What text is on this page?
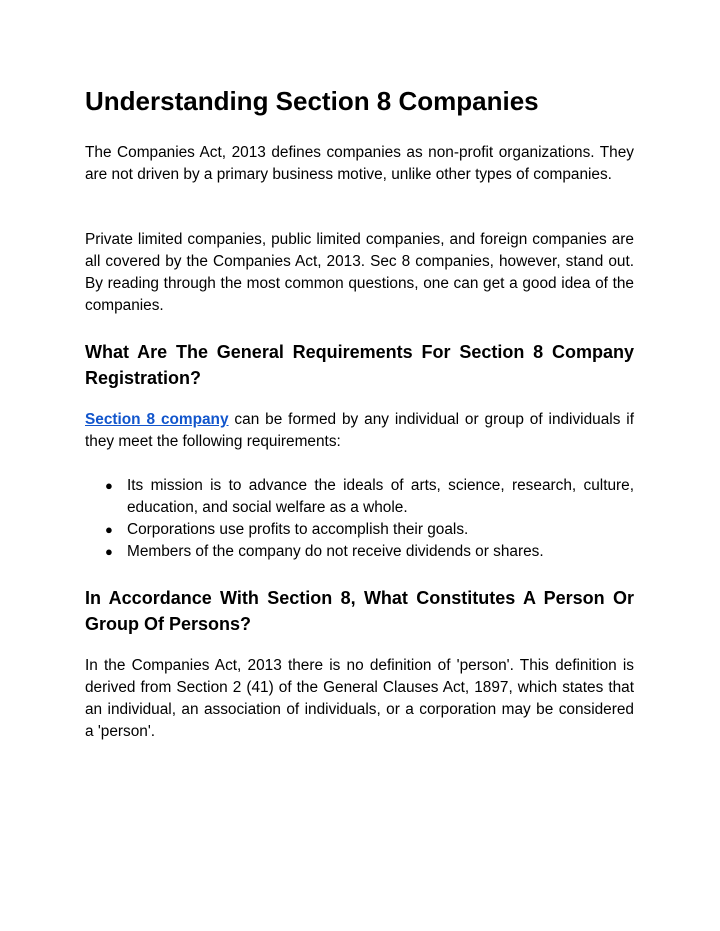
Understanding Section 8 Companies

The Companies Act, 2013 defines companies as non-profit organizations. They are not driven by a primary business motive, unlike other types of companies.

Private limited companies, public limited companies, and foreign companies are all covered by the Companies Act, 2013. Sec 8 companies, however, stand out. By reading through the most common questions, one can get a good idea of the companies.

What Are The General Requirements For Section 8 Company Registration?

Section 8 company can be formed by any individual or group of individuals if they meet the following requirements:

● Its mission is to advance the ideals of arts, science, research, culture, education, and social welfare as a whole.
● Corporations use profits to accomplish their goals.
● Members of the company do not receive dividends or shares.
In Accordance With Section 8, What Constitutes A Person Or Group Of Persons?

In the Companies Act, 2013 there is no definition of 'person'. This definition is derived from Section 2 (41) of the General Clauses Act, 1897, which states that an individual, an association of individuals, or a corporation may be considered a 'person'.
